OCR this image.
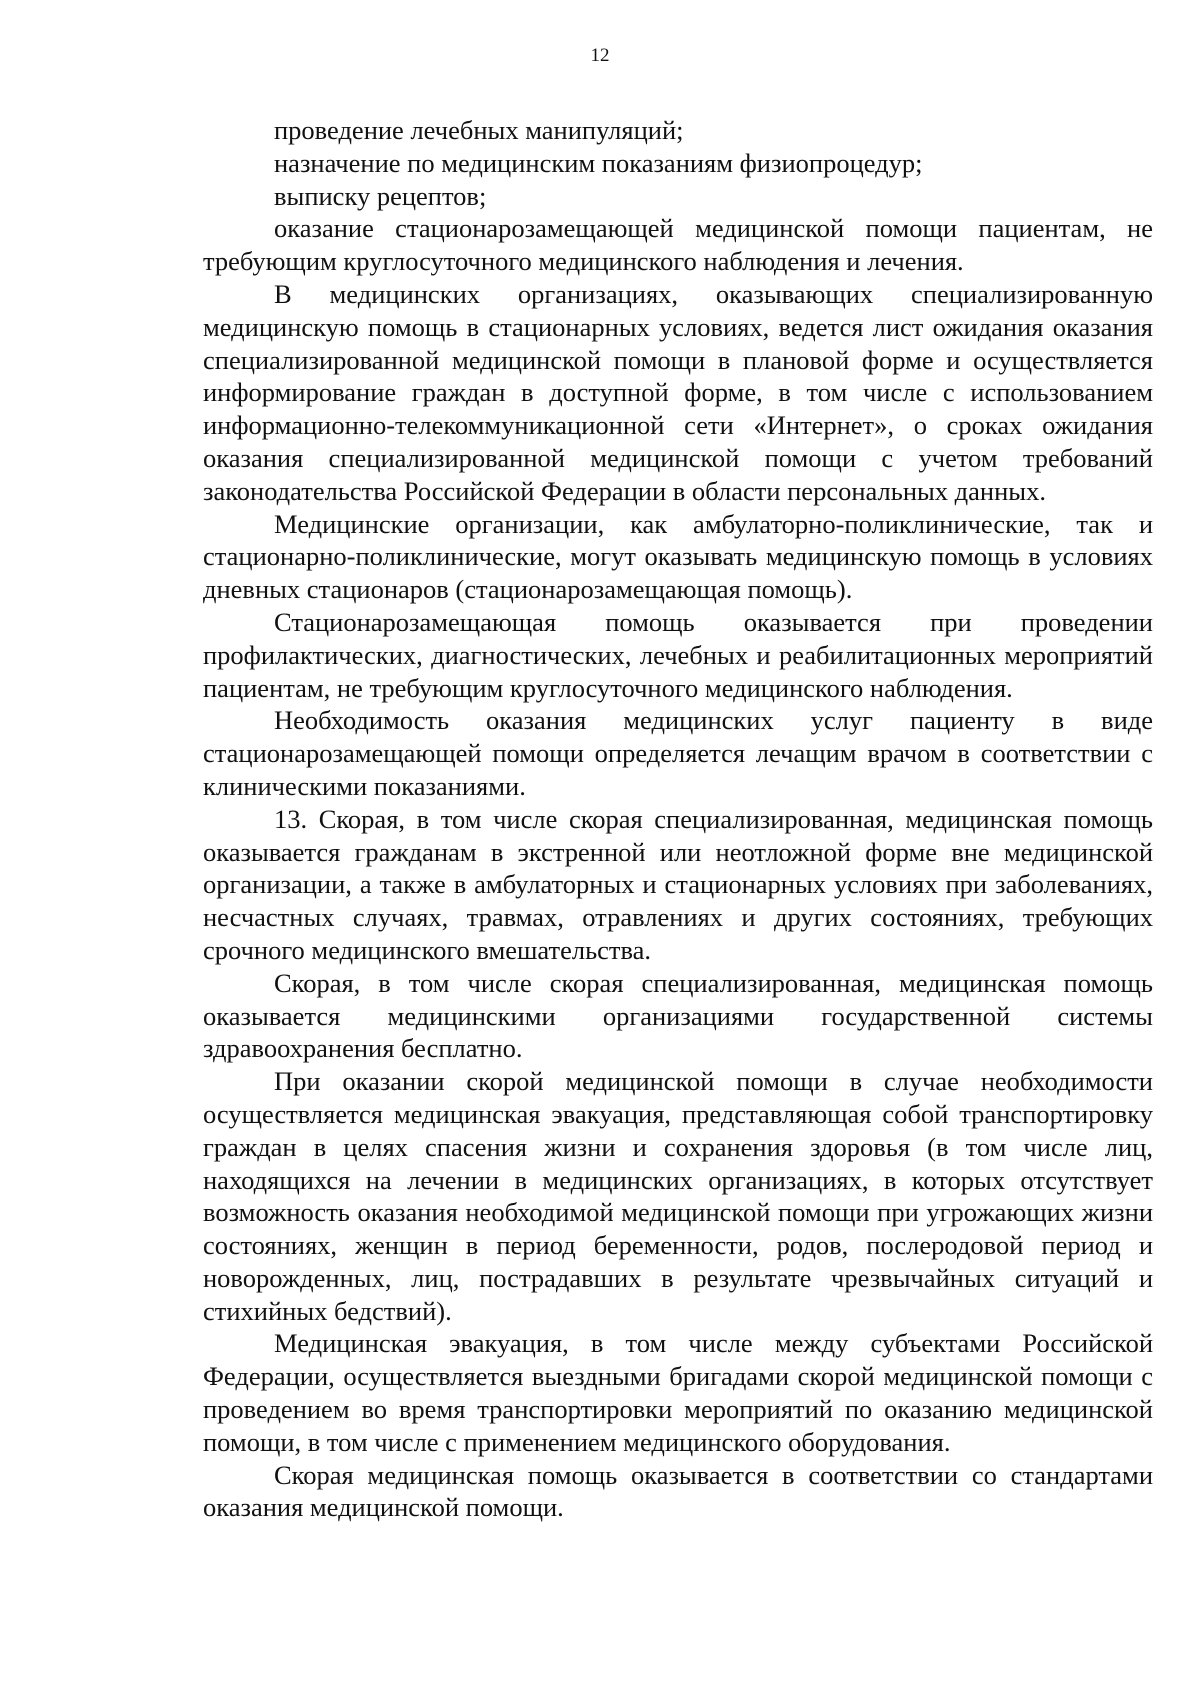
12

проведение лечебных манипуляций;

назначение по медицинским показаниям физиопроцедур;

выписку рецептов;

оказание стационарозамещающей медицинской помощи пациентам, не требующим круглосуточного медицинского наблюдения и лечения.

В медицинских организациях, оказывающих специализированную медицинскую помощь в стационарных условиях, ведется лист ожидания оказания специализированной медицинской помощи в плановой форме и осуществляется информирование граждан в доступной форме, в том числе с использованием информационно-телекоммуникационной сети «Интернет», о сроках ожидания оказания специализированной медицинской помощи с учетом требований законодательства Российской Федерации в области персональных данных.

Медицинские организации, как амбулаторно-поликлинические, так и стационарно-поликлинические, могут оказывать медицинскую помощь в условиях дневных стационаров (стационарозамещающая помощь).

Стационарозамещающая помощь оказывается при проведении профилактических, диагностических, лечебных и реабилитационных мероприятий пациентам, не требующим круглосуточного медицинского наблюдения.

Необходимость оказания медицинских услуг пациенту в виде стационарозамещающей помощи определяется лечащим врачом в соответствии с клиническими показаниями.

13. Скорая, в том числе скорая специализированная, медицинская помощь оказывается гражданам в экстренной или неотложной форме вне медицинской организации, а также в амбулаторных и стационарных условиях при заболеваниях, несчастных случаях, травмах, отравлениях и других состояниях, требующих срочного медицинского вмешательства.

Скорая, в том числе скорая специализированная, медицинская помощь оказывается медицинскими организациями государственной системы здравоохранения бесплатно.

При оказании скорой медицинской помощи в случае необходимости осуществляется медицинская эвакуация, представляющая собой транспортировку граждан в целях спасения жизни и сохранения здоровья (в том числе лиц, находящихся на лечении в медицинских организациях, в которых отсутствует возможность оказания необходимой медицинской помощи при угрожающих жизни состояниях, женщин в период беременности, родов, послеродовой период и новорожденных, лиц, пострадавших в результате чрезвычайных ситуаций и стихийных бедствий).

Медицинская эвакуация, в том числе между субъектами Российской Федерации, осуществляется выездными бригадами скорой медицинской помощи с проведением во время транспортировки мероприятий по оказанию медицинской помощи, в том числе с применением медицинского оборудования.

Скорая медицинская помощь оказывается в соответствии со стандартами оказания медицинской помощи.
